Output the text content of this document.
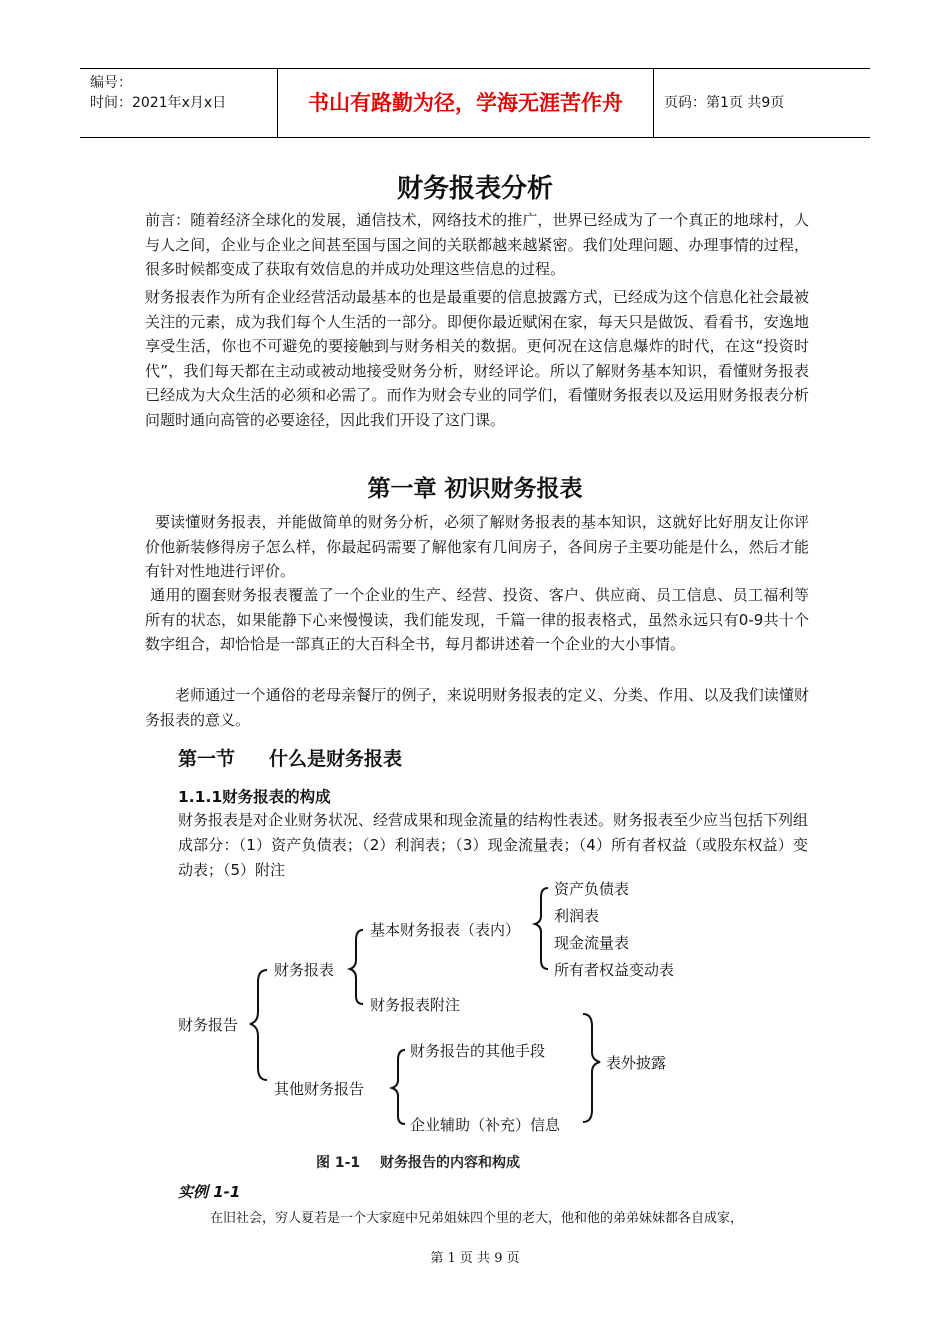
编号：
时间：2021年x月x日	书山有路勤为径，学海无涯苦作舟	页码：第1页 共9页
财务报表分析
前言：随着经济全球化的发展，通信技术，网络技术的推广，世界已经成为了一个真正的地球村，人与人之间，企业与企业之间甚至国与国之间的关联都越来越紧密。我们处理问题、办理事情的过程，很多时候都变成了获取有效信息的并成功处理这些信息的过程。
财务报表作为所有企业经营活动最基本的也是最重要的信息披露方式，已经成为这个信息化社会最被关注的元素，成为我们每个人生活的一部分。即便你最近赋闲在家，每天只是做饭、看看书，安逸地享受生活，你也不可避免的要接触到与财务相关的数据。更何况在这信息爆炸的时代，在这“投资时代”，我们每天都在主动或被动地接受财务分析，财经评论。所以了解财务基本知识，看懂财务报表已经成为大众生活的必须和必需了。而作为财会专业的同学们，看懂财务报表以及运用财务报表分析问题时通向高管的必要途径，因此我们开设了这门课。
第一章 初识财务报表
要读懂财务报表，并能做简单的财务分析，必须了解财务报表的基本知识，这就好比好朋友让你评价他新装修得房子怎么样，你最起码需要了解他家有几间房子，各间房子主要功能是什么，然后才能有针对性地进行评价。
通用的圈套财务报表覆盖了一个企业的生产、经营、投资、客户、供应商、员工信息、员工福利等所有的状态，如果能静下心来慢慢读，我们能发现，千篇一律的报表格式，虽然永远只有0-9共十个数字组合，却恰恰是一部真正的大百科全书，每月都讲述着一个企业的大小事情。
老师通过一个通俗的老母亲餐厅的例子，来说明财务报表的定义、分类、作用、以及我们读懂财务报表的意义。
第一节 什么是财务报表
1.1.1财务报表的构成
财务报表是对企业财务状况、经营成果和现金流量的结构性表述。财务报表至少应当包括下列组成部分：（1）资产负债表；（2）利润表；（3）现金流量表；（4）所有者权益（或股东权益）变动表；（5）附注
财务报告
财务报表
基本财务报表（表内）
资产负债表
利润表
现金流量表
所有者权益变动表
财务报表附注
其他财务报告
财务报告的其他手段
企业辅助（补充）信息
表外披露
图 1-1 财务报告的内容和构成
实例 1-1
在旧社会，穷人夏若是一个大家庭中兄弟姐妹四个里的老大，他和他的弟弟妹妹都各自成家，
第 1 页 共 9 页
